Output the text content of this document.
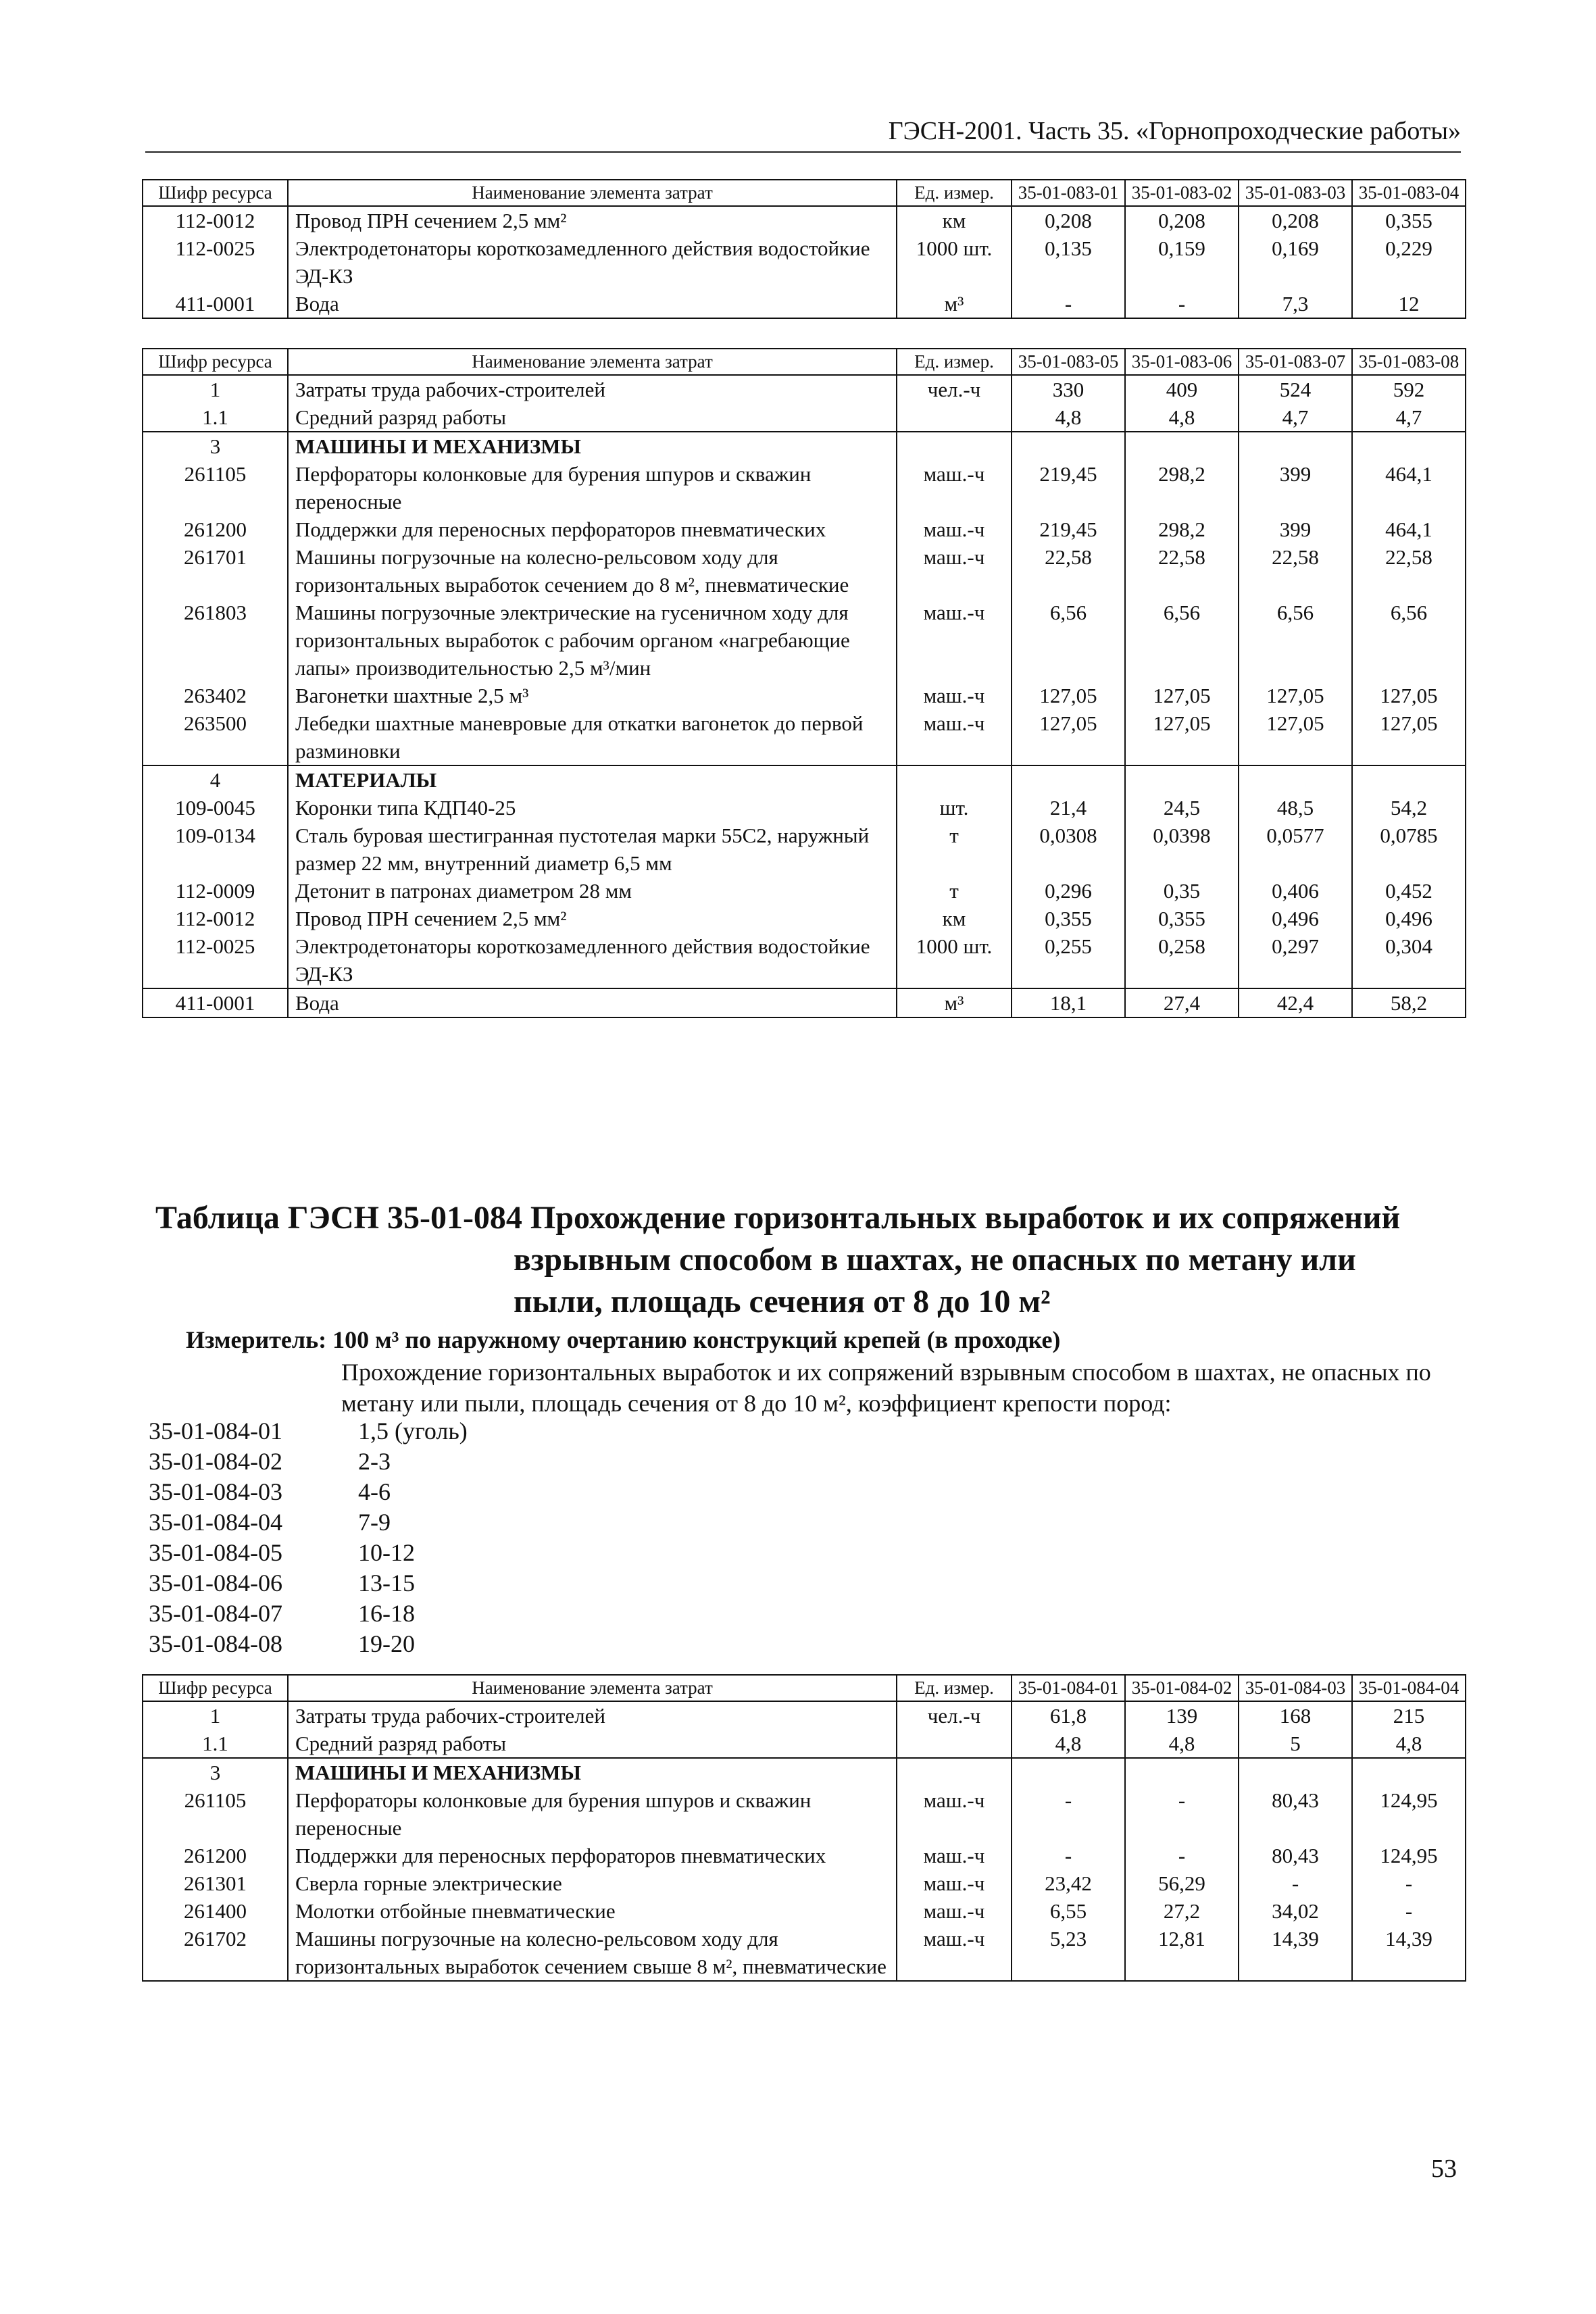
ГЭСН-2001. Часть 35. «Горнопроходческие работы»
Шифр ресурса	Наименование элемента затрат	Ед. измер.	35-01-083-01	35-01-083-02	35-01-083-03	35-01-083-04
112-0012	Провод ПРН сечением 2,5 мм²	км	0,208	0,208	0,208	0,355
112-0025	Электродетонаторы короткозамедленного действия водостойкие ЭД-КЗ	1000 шт.	0,135	0,159	0,169	0,229
411-0001	Вода	м³	-	-	7,3	12
Шифр ресурса	Наименование элемента затрат	Ед. измер.	35-01-083-05	35-01-083-06	35-01-083-07	35-01-083-08
1	Затраты труда рабочих-строителей	чел.-ч	330	409	524	592
1.1	Средний разряд работы		4,8	4,8	4,7	4,7
3	МАШИНЫ И МЕХАНИЗМЫ					
261105	Перфораторы колонковые для бурения шпуров и скважин переносные	маш.-ч	219,45	298,2	399	464,1
261200	Поддержки для переносных перфораторов пневматических	маш.-ч	219,45	298,2	399	464,1
261701	Машины погрузочные на колесно-рельсовом ходу для горизонтальных выработок сечением до 8 м², пневматические	маш.-ч	22,58	22,58	22,58	22,58
261803	Машины погрузочные электрические на гусеничном ходу для горизонтальных выработок с рабочим органом «нагребающие лапы» производительностью 2,5 м³/мин	маш.-ч	6,56	6,56	6,56	6,56
263402	Вагонетки шахтные 2,5 м³	маш.-ч	127,05	127,05	127,05	127,05
263500	Лебедки шахтные маневровые для откатки вагонеток до первой разминовки	маш.-ч	127,05	127,05	127,05	127,05
4	МАТЕРИАЛЫ					
109-0045	Коронки типа КДП40-25	шт.	21,4	24,5	48,5	54,2
109-0134	Сталь буровая шестигранная пустотелая марки 55С2, наружный размер 22 мм, внутренний диаметр 6,5 мм	т	0,0308	0,0398	0,0577	0,0785
112-0009	Детонит в патронах диаметром 28 мм	т	0,296	0,35	0,406	0,452
112-0012	Провод ПРН сечением 2,5 мм²	км	0,355	0,355	0,496	0,496
112-0025	Электродетонаторы короткозамедленного действия водостойкие ЭД-КЗ	1000 шт.	0,255	0,258	0,297	0,304
411-0001	Вода	м³	18,1	27,4	42,4	58,2
Таблица ГЭСН 35-01-084 Прохождение горизонтальных выработок и их сопряжений
взрывным способом в шахтах, не опасных по метану или
пыли, площадь сечения от 8 до 10 м²
Измеритель: 100 м³ по наружному очертанию конструкций крепей (в проходке)
Прохождение горизонтальных выработок и их сопряжений взрывным способом в шахтах, не опасных по метану или пыли, площадь сечения от 8 до 10 м², коэффициент крепости пород:
35-01-084-01	1,5 (уголь)
35-01-084-02	2-3
35-01-084-03	4-6
35-01-084-04	7-9
35-01-084-05	10-12
35-01-084-06	13-15
35-01-084-07	16-18
35-01-084-08	19-20
Шифр ресурса	Наименование элемента затрат	Ед. измер.	35-01-084-01	35-01-084-02	35-01-084-03	35-01-084-04
1	Затраты труда рабочих-строителей	чел.-ч	61,8	139	168	215
1.1	Средний разряд работы		4,8	4,8	5	4,8
3	МАШИНЫ И МЕХАНИЗМЫ					
261105	Перфораторы колонковые для бурения шпуров и скважин переносные	маш.-ч	-	-	80,43	124,95
261200	Поддержки для переносных перфораторов пневматических	маш.-ч	-	-	80,43	124,95
261301	Сверла горные электрические	маш.-ч	23,42	56,29	-	-
261400	Молотки отбойные пневматические	маш.-ч	6,55	27,2	34,02	-
261702	Машины погрузочные на колесно-рельсовом ходу для горизонтальных выработок сечением свыше 8 м², пневматические	маш.-ч	5,23	12,81	14,39	14,39
53
